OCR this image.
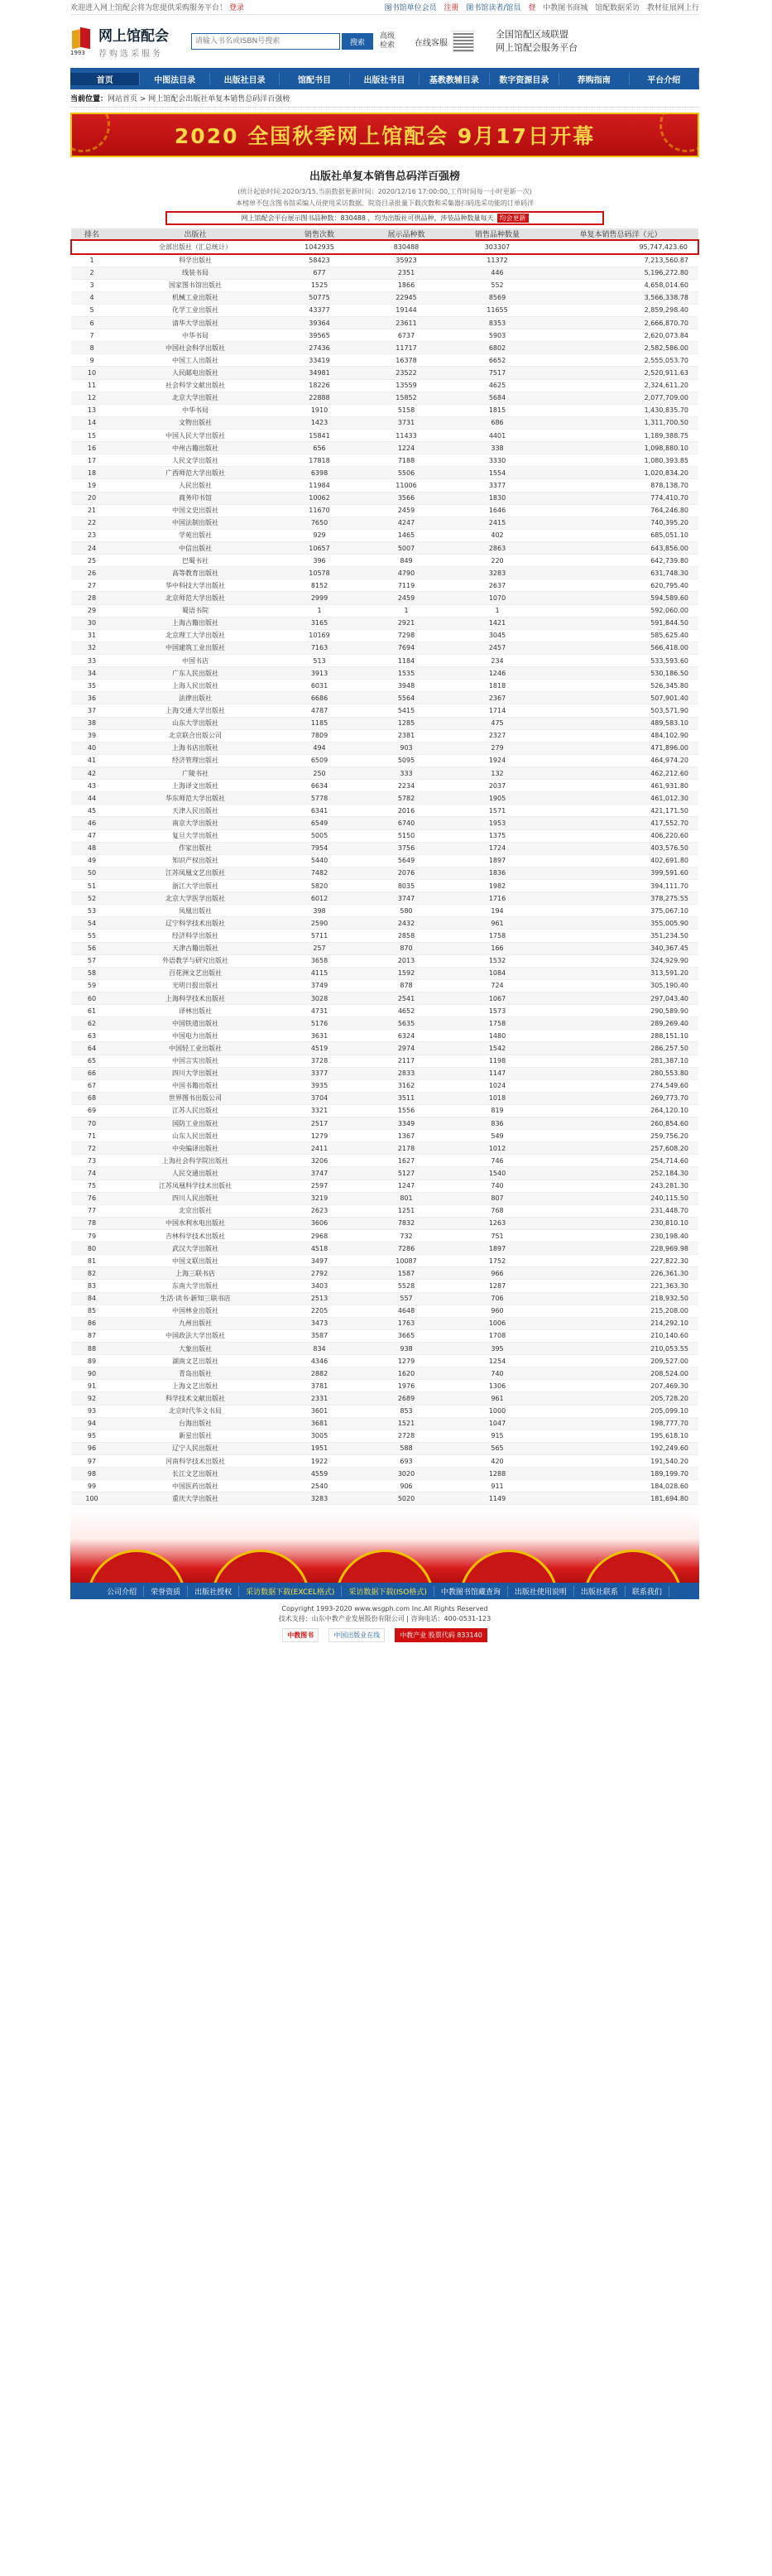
欢迎进入网上馆配会将为您提供采购服务平台！ 登录	图书馆单位会员 注册 图书馆读者/馆员 登 中教图书商城 馆配数据采访 教材征展网上行
1993
网上馆配会
荐购选采服务
请输入书名或ISBN号搜索
搜索
高级检索	在线客服
全国馆配区域联盟
网上馆配会服务平台
首页	中图法目录	出版社目录	馆配书目	出版社书目	基教教辅目录	数字资源目录	荐购指南	平台介绍
当前位置： 网站首页
> 网上馆配会出版社单复本销售总码洋百强榜
2020 全国秋季网上馆配会 9月17日开幕
出版社单复本销售总码洋百强榜
(统计起始时间:2020/3/15,当前数据更新时间：2020/12/16 17:00:00,工作时间每一小时更新一次)
本榜单不包含图书馆采编人员使用采访数据、院资目录批量下载次数和采集器扫码选采功能的订单码洋
网上馆配会平台展示图书品种数：830488 ，均为出版社可供品种，涉装品种数量每天 均会更新
排名	出版社	销售次数	展示品种数	销售品种数量	单复本销售总码洋（元）
	全部出版社（汇总统计）	1042935	830488	303307	95,747,423.60
1	科学出版社	58423	35923	11372	7,213,560.87
2	线装书局	677	2351	446	5,196,272.80
3	国家图书馆出版社	1525	1866	552	4,658,014.60
4	机械工业出版社	50775	22945	8569	3,566,338.78
5	化学工业出版社	43377	19144	11655	2,859,298.40
6	清华大学出版社	39364	23611	8353	2,666,870.70
7	中华书局	39565	6737	5903	2,620,073.84
8	中国社会科学出版社	27436	11717	6802	2,582,586.00
9	中国工人出版社	33419	16378	6652	2,555,053.70
10	人民邮电出版社	34981	23522	7517	2,520,911.63
11	社会科学文献出版社	18226	13559	4625	2,324,611.20
12	北京大学出版社	22888	15852	5684	2,077,709.00
13	中华书局	1910	5158	1815	1,430,835.70
14	文物出版社	1423	3731	686	1,311,700.50
15	中国人民大学出版社	15841	11433	4401	1,189,388.75
16	中州古籍出版社	656	1224	338	1,098,880.10
17	人民文学出版社	17818	7188	3330	1,080,393.85
18	广西师范大学出版社	6398	5506	1554	1,020,834.20
19	人民出版社	11984	11006	3377	878,138.70
20	商务印书馆	10062	3566	1830	774,410.70
21	中国文史出版社	11670	2459	1646	764,246.80
22	中国法制出版社	7650	4247	2415	740,395.20
23	学苑出版社	929	1465	402	685,051.10
24	中信出版社	10657	5007	2863	643,856.00
25	巴蜀书社	396	849	220	642,739.80
26	高等教育出版社	10578	4790	3283	631,748.30
27	华中科技大学出版社	8152	7119	2637	620,795.40
28	北京师范大学出版社	2999	2459	1070	594,589.60
29	蜀语书院	1	1	1	592,060.00
30	上海古籍出版社	3165	2921	1421	591,844.50
31	北京理工大学出版社	10169	7298	3045	585,625.40
32	中国建筑工业出版社	7163	7694	2457	566,418.00
33	中国书店	513	1184	234	533,593.60
34	广东人民出版社	3913	1535	1246	530,186.50
35	上海人民出版社	6031	3948	1818	526,345.80
36	法律出版社	6686	5564	2367	507,901.40
37	上海交通大学出版社	4787	5415	1714	503,571.90
38	山东大学出版社	1185	1285	475	489,583.10
39	北京联合出版公司	7809	2381	2327	484,102.90
40	上海书店出版社	494	903	279	471,896.00
41	经济管理出版社	6509	5095	1924	464,974.20
42	广陵书社	250	333	132	462,212.60
43	上海译文出版社	6634	2234	2037	461,931.80
44	华东师范大学出版社	5778	5782	1905	461,012.30
45	天津人民出版社	6341	2016	1571	421,171.50
46	南京大学出版社	6549	6740	1953	417,552.70
47	复旦大学出版社	5005	5150	1375	406,220.60
48	作家出版社	7954	3756	1724	403,576.50
49	知识产权出版社	5440	5649	1897	402,691.80
50	江苏凤凰文艺出版社	7482	2076	1836	399,591.60
51	浙江大学出版社	5820	8035	1982	394,111.70
52	北京大学医学出版社	6012	3747	1716	378,275.55
53	凤凰出版社	398	580	194	375,067.10
54	辽宁科学技术出版社	2590	2432	961	355,005.90
55	经济科学出版社	5711	2858	1758	351,234.50
56	天津古籍出版社	257	870	166	340,367.45
57	外语教学与研究出版社	3658	2013	1532	324,929.90
58	百花洲文艺出版社	4115	1592	1084	313,591.20
59	光明日报出版社	3749	878	724	305,190.40
60	上海科学技术出版社	3028	2541	1067	297,043.40
61	译林出版社	4731	4652	1573	290,589.90
62	中国铁道出版社	5176	5635	1758	289,269.40
63	中国电力出版社	3631	6324	1480	288,151.10
64	中国轻工业出版社	4519	2974	1542	286,257.50
65	中国言实出版社	3728	2117	1198	281,387.10
66	四川大学出版社	3377	2833	1147	280,553.80
67	中国书籍出版社	3935	3162	1024	274,549.60
68	世界图书出版公司	3704	3511	1018	269,773.70
69	江苏人民出版社	3321	1556	819	264,120.10
70	国防工业出版社	2517	3349	836	260,854.60
71	山东人民出版社	1279	1367	549	259,756.20
72	中央编译出版社	2411	2178	1012	257,608.20
73	上海社会科学院出版社	3206	1627	746	254,714.60
74	人民交通出版社	3747	5127	1540	252,184.30
75	江苏凤凰科学技术出版社	2597	1247	740	243,281.30
76	四川人民出版社	3219	801	807	240,115.50
77	北京出版社	2623	1251	768	231,448.70
78	中国水利水电出版社	3606	7832	1263	230,810.10
79	吉林科学技术出版社	2968	732	751	230,198.40
80	武汉大学出版社	4518	7286	1897	228,969.98
81	中国文联出版社	3497	10087	1752	227,822.30
82	上海三联书店	2792	1587	966	226,361.30
83	东南大学出版社	3403	5528	1287	221,363.30
84	生活·读书·新知三联书店	2513	557	706	218,932.50
85	中国林业出版社	2205	4648	960	215,208.00
86	九州出版社	3473	1763	1006	214,292.10
87	中国政法大学出版社	3587	3665	1708	210,140.60
88	大象出版社	834	938	395	210,053.55
89	湖南文艺出版社	4346	1279	1254	209,527.00
90	青岛出版社	2882	1620	740	208,524.00
91	上海文艺出版社	3781	1976	1306	207,469.30
92	科学技术文献出版社	2331	2689	961	205,728.20
93	北京时代华文书局	3601	853	1000	205,099.10
94	台海出版社	3681	1521	1047	198,777.70
95	新星出版社	3005	2728	915	195,618.10
96	辽宁人民出版社	1951	588	565	192,249.60
97	河南科学技术出版社	1922	693	420	191,540.20
98	长江文艺出版社	4559	3020	1288	189,199.70
99	中国医药出版社	2540	906	911	184,028.60
100	重庆大学出版社	3283	5020	1149	181,694.80
公司介绍	荣誉资质	出版社授权	采访数据下载(EXCEL格式)	采访数据下载(ISO格式)	中教图书馆藏查询	出版社使用说明	出版社联系	联系我们
Copyright 1993-2020 www.wsgph.com Inc.All Rights Reserved
技术支持：山东中教产业发展股份有限公司 | 咨询电话：400-0531-123
中教图书	中国出版业在线	中教产业 股票代码 833140
